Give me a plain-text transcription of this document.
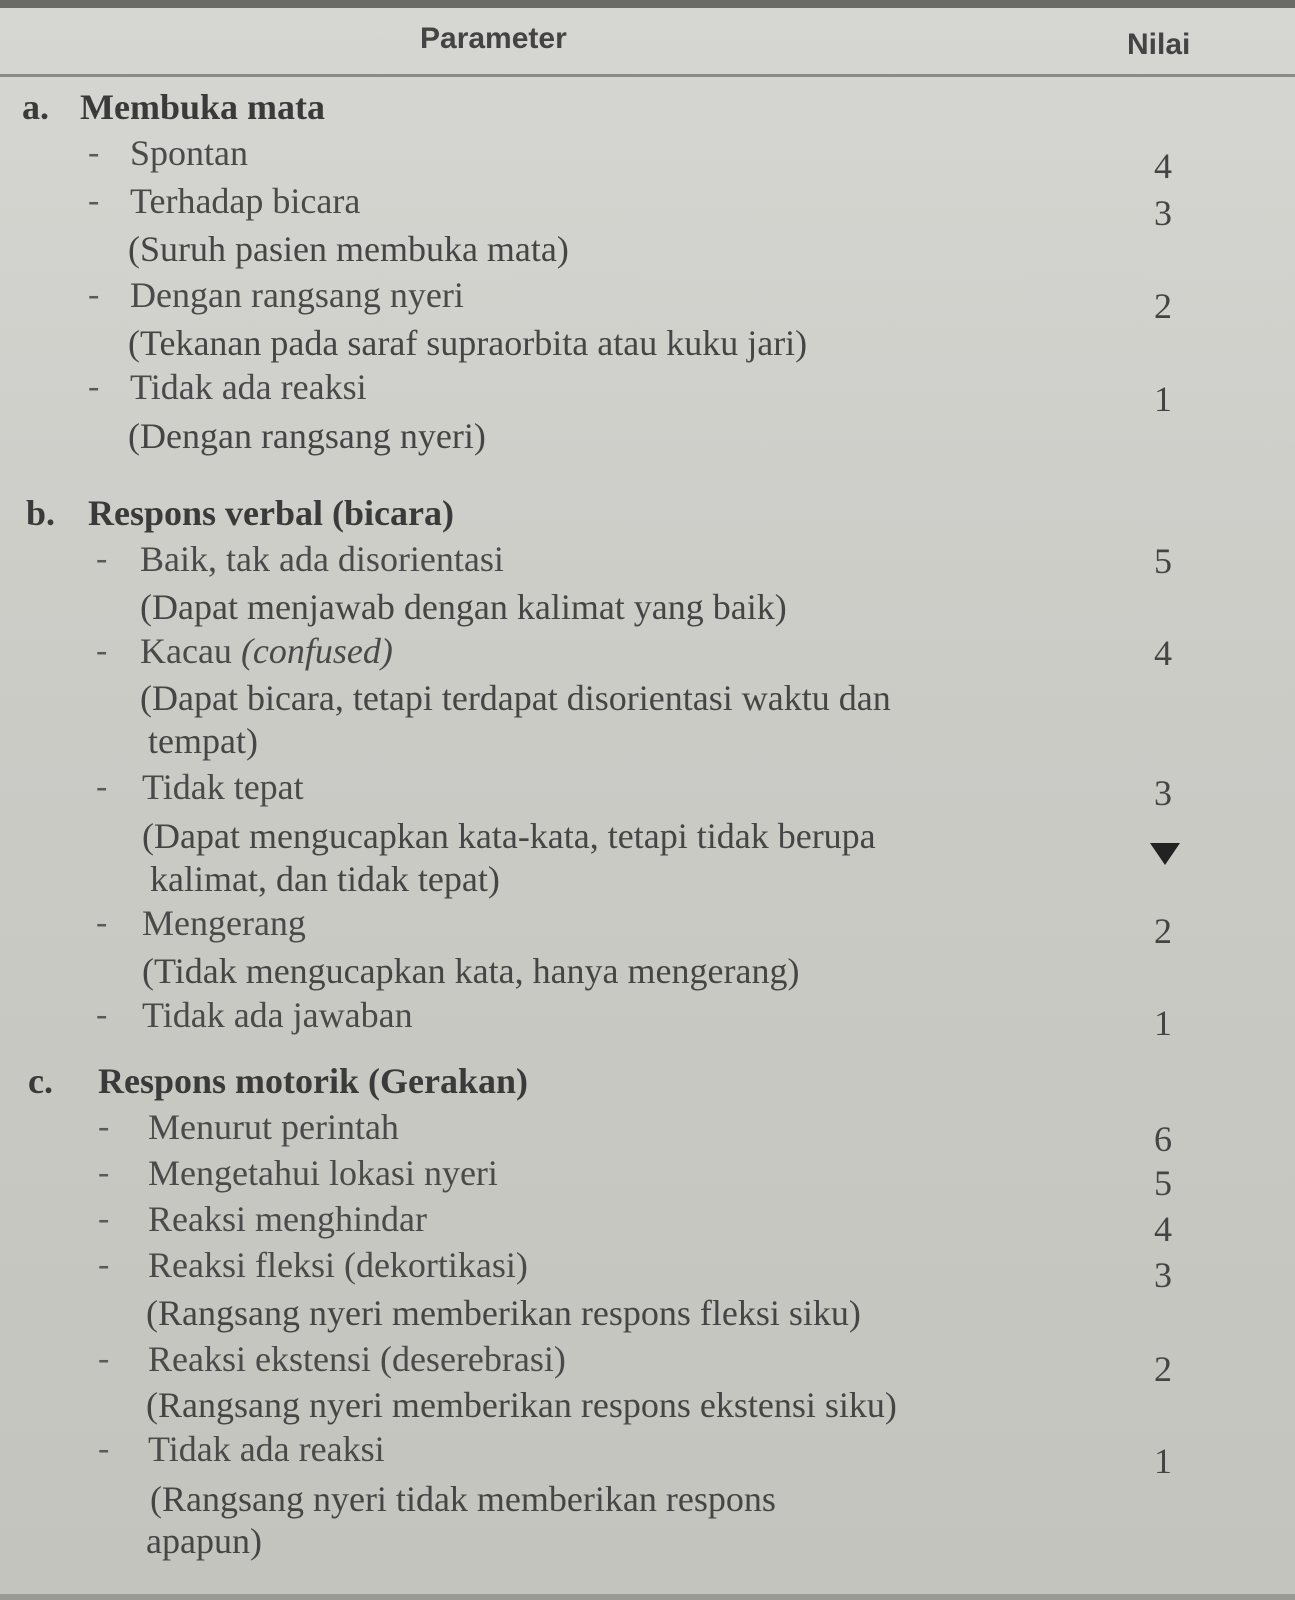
Parameter	Nilai
a. Membuka mata
- Spontan	4
- Terhadap bicara	3
(Suruh pasien membuka mata)
- Dengan rangsang nyeri	2
(Tekanan pada saraf supraorbita atau kuku jari)
- Tidak ada reaksi	1
(Dengan rangsang nyeri)
b. Respons verbal (bicara)
- Baik, tak ada disorientasi	5
(Dapat menjawab dengan kalimat yang baik)
- Kacau (confused)	4
(Dapat bicara, tetapi terdapat disorientasi waktu dan
tempat)
- Tidak tepat	3
(Dapat mengucapkan kata-kata, tetapi tidak berupa
kalimat, dan tidak tepat)
- Mengerang	2
(Tidak mengucapkan kata, hanya mengerang)
- Tidak ada jawaban	1
c. Respons motorik (Gerakan)
- Menurut perintah	6
- Mengetahui lokasi nyeri	5
- Reaksi menghindar	4
- Reaksi fleksi (dekortikasi)	3
(Rangsang nyeri memberikan respons fleksi siku)
- Reaksi ekstensi (deserebrasi)	2
(Rangsang nyeri memberikan respons ekstensi siku)
- Tidak ada reaksi	1
(Rangsang nyeri tidak memberikan respons
apapun)
